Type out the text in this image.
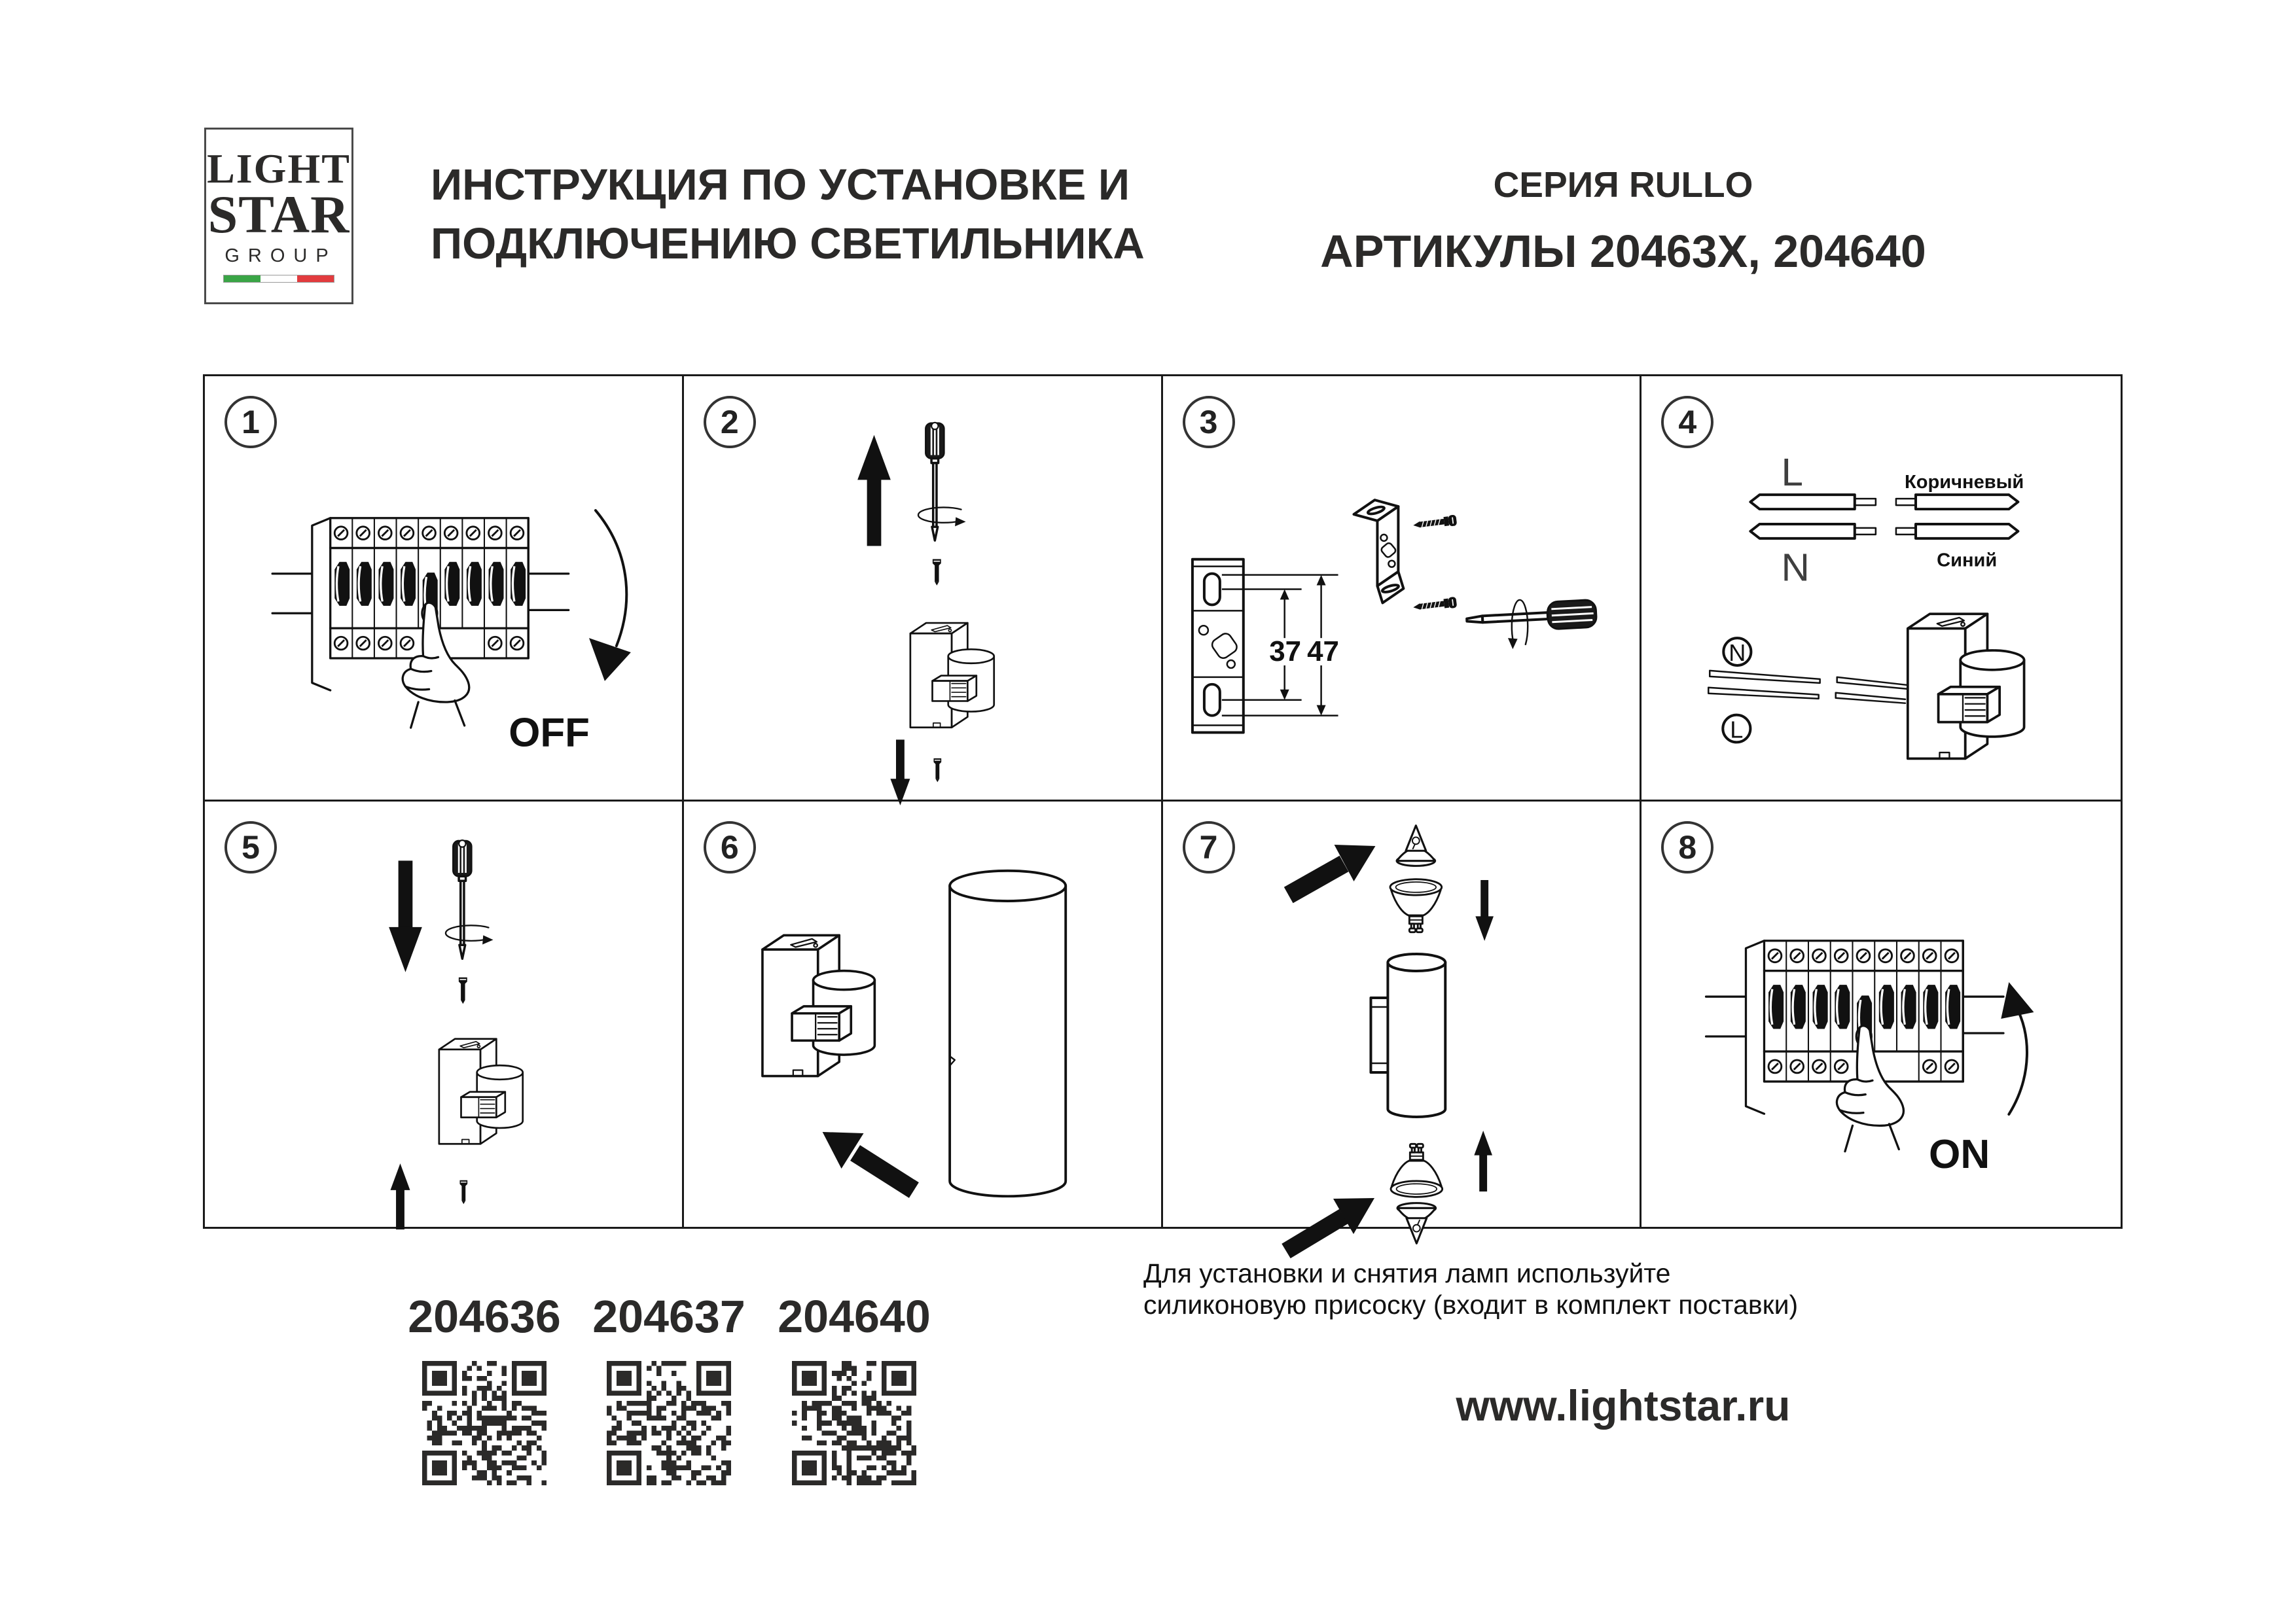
LIGHT
STAR
GROUP
ИНСТРУКЦИЯ ПО УСТАНОВКЕ И
ПОДКЛЮЧЕНИЮ СВЕТИЛЬНИКА
СЕРИЯ RULLO
АРТИКУЛЫ 20463X, 204640
1
OFF
2	3
37 47
4
L	Коричневый
Синий
N
N
L
5	6	7	8
ON
204636 204637 204640
Для установки и снятия ламп используйте
силиконовую присоску (входит в комплект поставки)
www.lightstar.ru
